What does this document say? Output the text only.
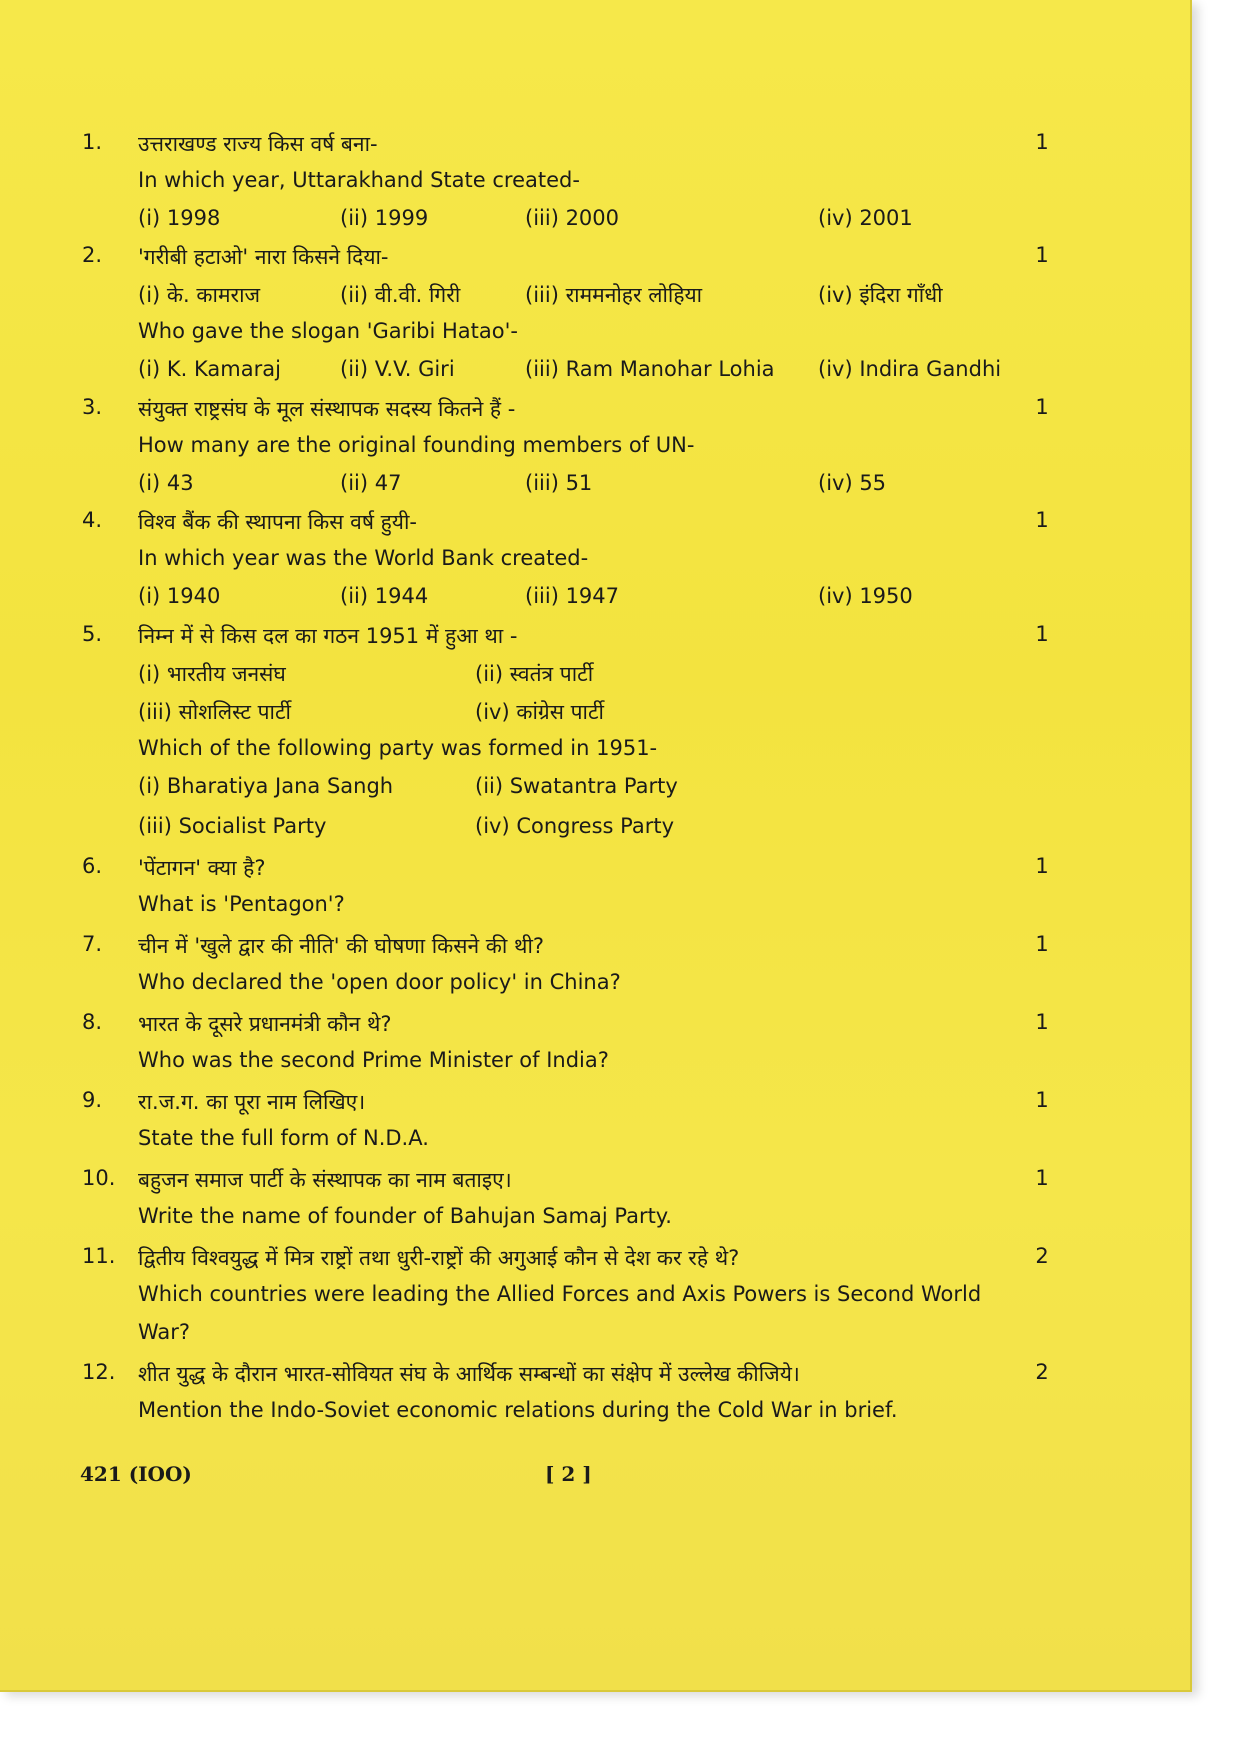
1. उत्तराखण्ड राज्य किस वर्ष बना-	1
In which year, Uttarakhand State created-
(i) 1998	(ii) 1999	(iii) 2000	(iv) 2001
2. 'गरीबी हटाओ' नारा किसने दिया-	1
(i) के. कामराज	(ii) वी.वी. गिरी	(iii) राममनोहर लोहिया	(iv) इंदिरा गाँधी
Who gave the slogan 'Garibi Hatao'-
(i) K. Kamaraj	(ii) V.V. Giri	(iii) Ram Manohar Lohia (iv) Indira Gandhi
3. संयुक्त राष्ट्रसंघ के मूल संस्थापक सदस्य कितने हैं -	1
How many are the original founding members of UN-
(i) 43	(ii) 47	(iii) 51	(iv) 55
4. विश्व बैंक की स्थापना किस वर्ष हुयी-	1
In which year was the World Bank created-
(i) 1940	(ii) 1944	(iii) 1947	(iv) 1950
5. निम्न में से किस दल का गठन 1951 में हुआ था -	1
(i) भारतीय जनसंघ	(ii) स्वतंत्र पार्टी
(iii) सोशलिस्ट पार्टी	(iv) कांग्रेस पार्टी
Which of the following party was formed in 1951-
(i) Bharatiya Jana Sangh	(ii) Swatantra Party
(iii) Socialist Party	(iv) Congress Party
6. 'पेंटागन' क्या है?	1
What is 'Pentagon'?
7. चीन में 'खुले द्वार की नीति' की घोषणा किसने की थी?	1
Who declared the 'open door policy' in China?
8. भारत के दूसरे प्रधानमंत्री कौन थे?	1
Who was the second Prime Minister of India?
9. रा.ज.ग. का पूरा नाम लिखिए।	1
State the full form of N.D.A.
10. बहुजन समाज पार्टी के संस्थापक का नाम बताइए।	1
Write the name of founder of Bahujan Samaj Party.
11. द्वितीय विश्वयुद्ध में मित्र राष्ट्रों तथा धुरी-राष्ट्रों की अगुआई कौन से देश कर रहे थे?	2
Which countries were leading the Allied Forces and Axis Powers is Second World
War?
12. शीत युद्ध के दौरान भारत-सोवियत संघ के आर्थिक सम्बन्धों का संक्षेप में उल्लेख कीजिये।	2
Mention the Indo-Soviet economic relations during the Cold War in brief.
421 (IOO)	[ 2 ]
